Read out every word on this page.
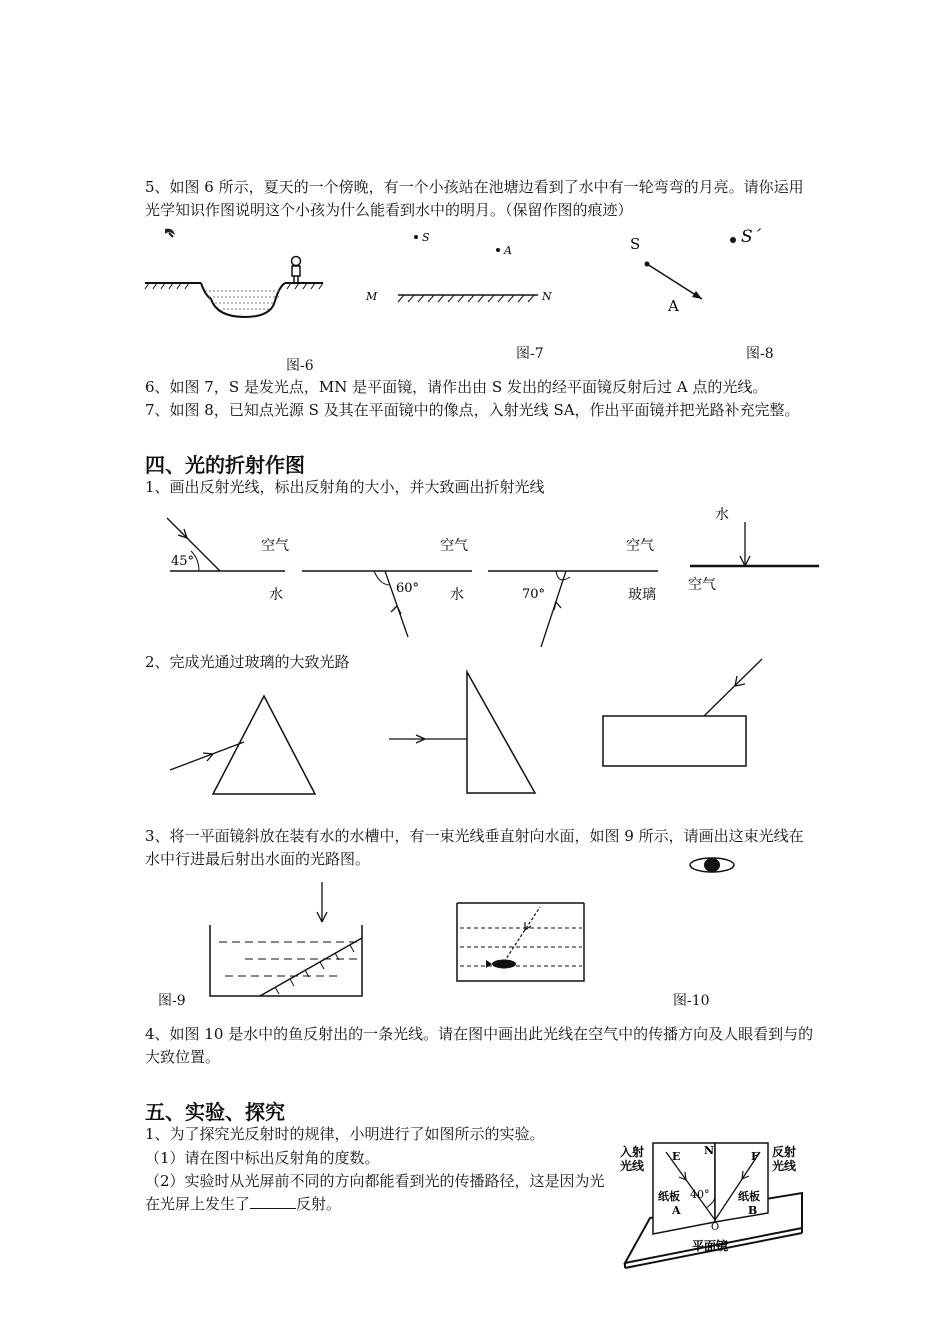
5、如图 6 所示，夏天的一个傍晚，有一个小孩站在池塘边看到了水中有一轮弯弯的月亮。请你运用光学知识作图说明这个小孩为什么能看到水中的明月。（保留作图的痕迹）
S
A
M	N
S	S´
A
图-6
图-7	图-8
6、如图 7，S 是发光点，MN 是平面镜，请作出由 S 发出的经平面镜反射后过 A 点的光线。
7、如图 8，已知点光源 S 及其在平面镜中的像点，入射光线 SA，作出平面镜并把光路补充完整。
四、光的折射作图
1、画出反射光线，标出反射角的大小，并大致画出折射光线
45°
空气
水
空气
60° 水
空气
70°	玻璃
水
空气
2、完成光通过玻璃的大致光路
3、将一平面镜斜放在装有水的水槽中，有一束光线垂直射向水面，如图 9 所示，请画出这束光线在水中行进最后射出水面的光路图。
图-9	图-10
4、如图 10 是水中的鱼反射出的一条光线。请在图中画出此光线在空气中的传播方向及人眼看到与的大致位置。
五、实验、探究
1、为了探究光反射时的规律，小明进行了如图所示的实验。
（1）请在图中标出反射角的度数。
（2）实验时从光屏前不同的方向都能看到光的传播路径，这是因为光在光屏上发生了	反射。
入射
光线
反射
光线
E N	F
40°
纸板
A
纸板
B
O
平面镜
